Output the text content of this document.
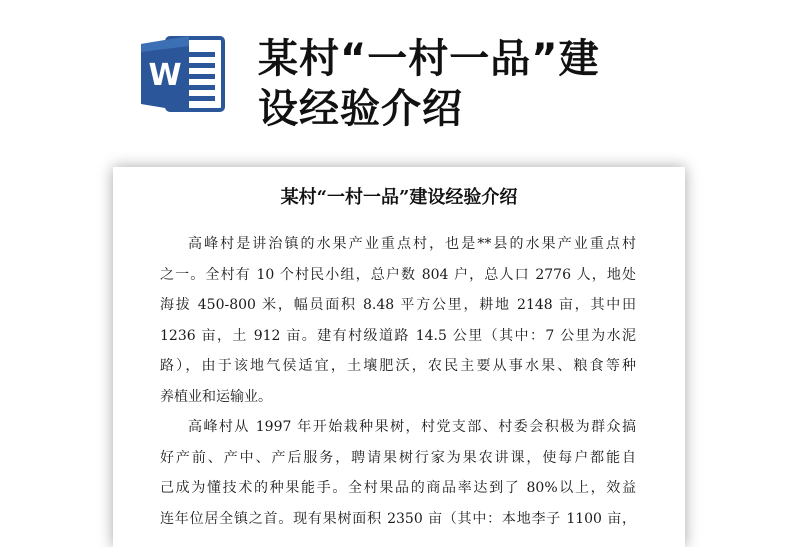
W 某村“一村一品”建
设经验介绍
某村“一村一品”建设经验介绍
高峰村是讲治镇的水果产业重点村，也是**县的水果产业重点村
之一。全村有 10 个村民小组，总户数 804 户，总人口 2776 人，地处
海拔 450-800 米，幅员面积 8.48 平方公里，耕地 2148 亩，其中田
1236 亩，土 912 亩。建有村级道路 14.5 公里（其中：7 公里为水泥
路），由于该地气侯适宜，土壤肥沃，农民主要从事水果、粮食等种
养植业和运输业。
高峰村从 1997 年开始栽种果树，村党支部、村委会积极为群众搞
好产前、产中、产后服务，聘请果树行家为果农讲课，使每户都能自
己成为懂技术的种果能手。全村果品的商品率达到了 80%以上，效益
连年位居全镇之首。现有果树面积 2350 亩（其中：本地李子 1100 亩，
